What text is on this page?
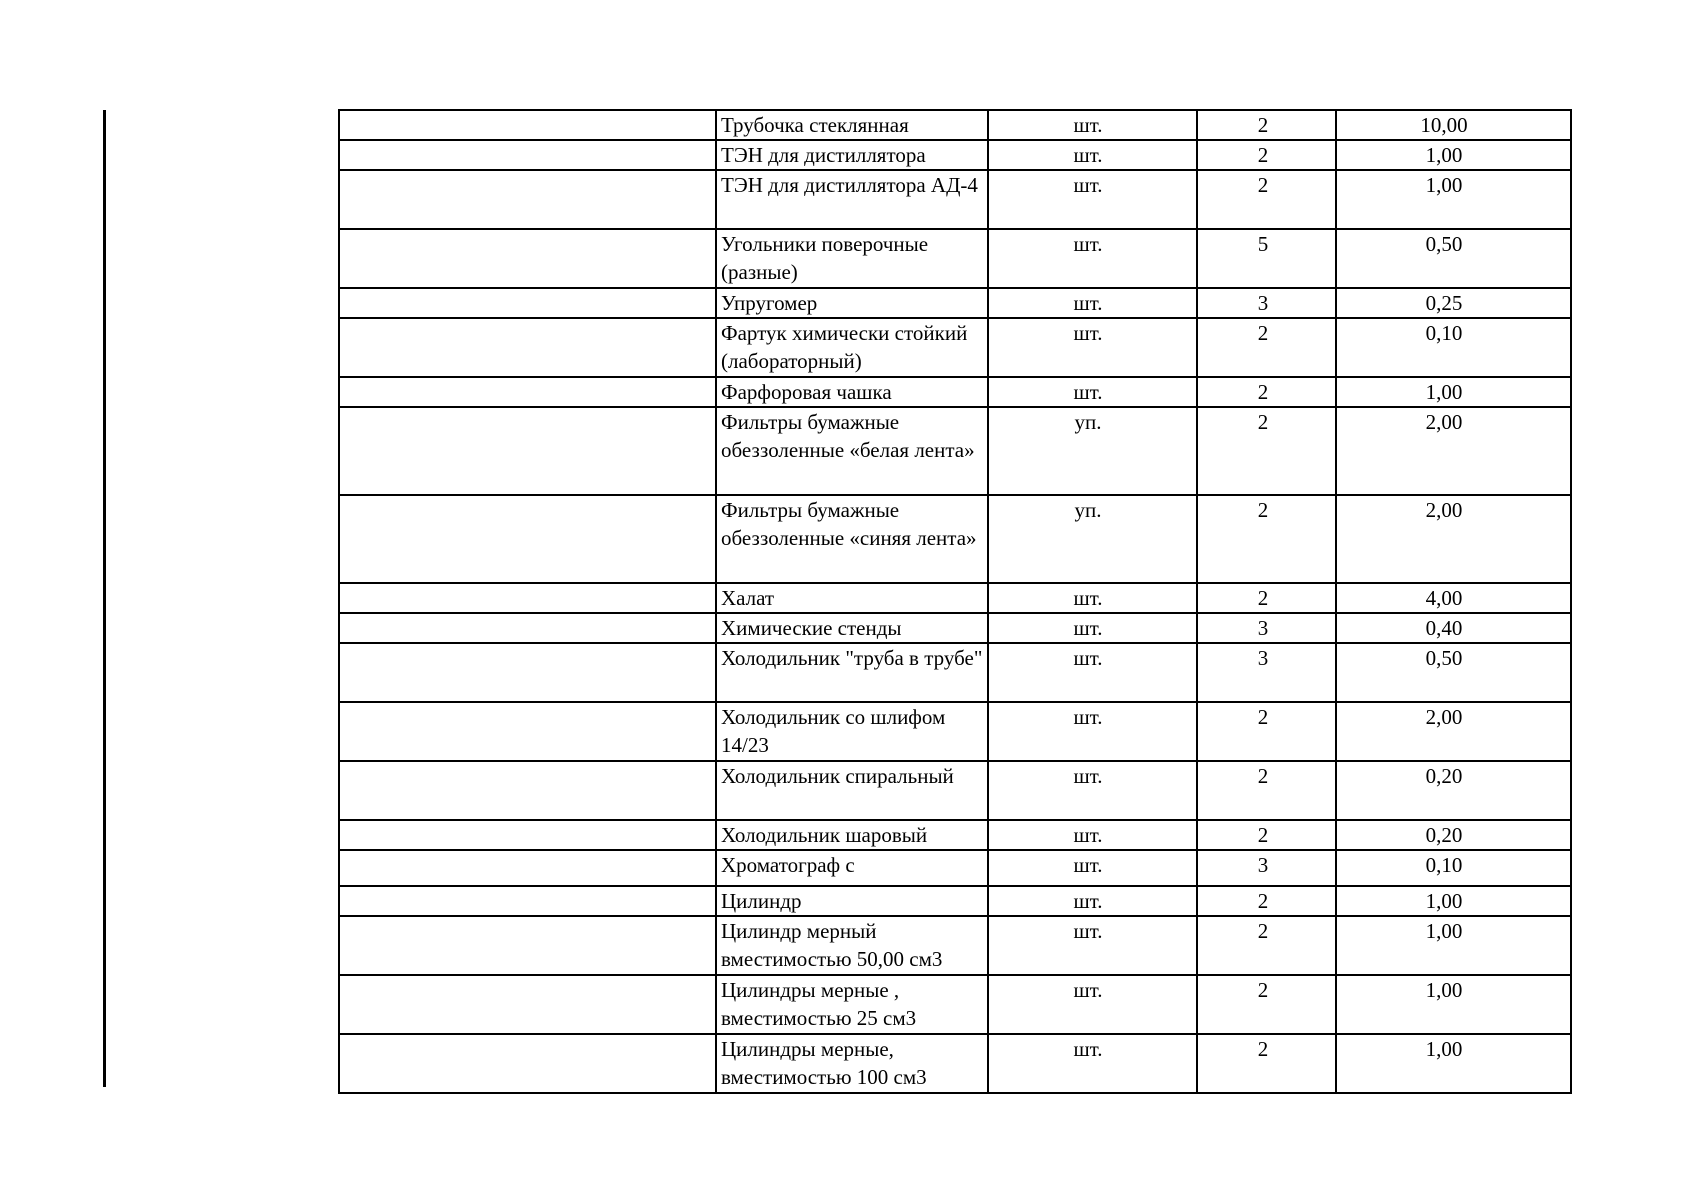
	Трубочка стеклянная	шт.	2	10,00
	ТЭН для дистиллятора	шт.	2	1,00
	ТЭН для дистиллятора АД-4	шт.	2	1,00
	Угольники поверочные (разные)	шт.	5	0,50
	Упругомер	шт.	3	0,25
	Фартук химически стойкий (лабораторный)	шт.	2	0,10
	Фарфоровая чашка	шт.	2	1,00
	Фильтры бумажные обеззоленные «белая лента»	уп.	2	2,00
	Фильтры бумажные обеззоленные «синяя лента»	уп.	2	2,00
	Халат	шт.	2	4,00
	Химические стенды	шт.	3	0,40
	Холодильник "труба в трубе"	шт.	3	0,50
	Холодильник со шлифом 14/23	шт.	2	2,00
	Холодильник спиральный	шт.	2	0,20
	Холодильник шаровый	шт.	2	0,20
	Хроматограф с	шт.	3	0,10
	Цилиндр	шт.	2	1,00
	Цилиндр мерный вместимостью 50,00 см3	шт.	2	1,00
	Цилиндры мерные , вместимостью 25 см3	шт.	2	1,00
	Цилиндры мерные, вместимостью 100 см3	шт.	2	1,00
